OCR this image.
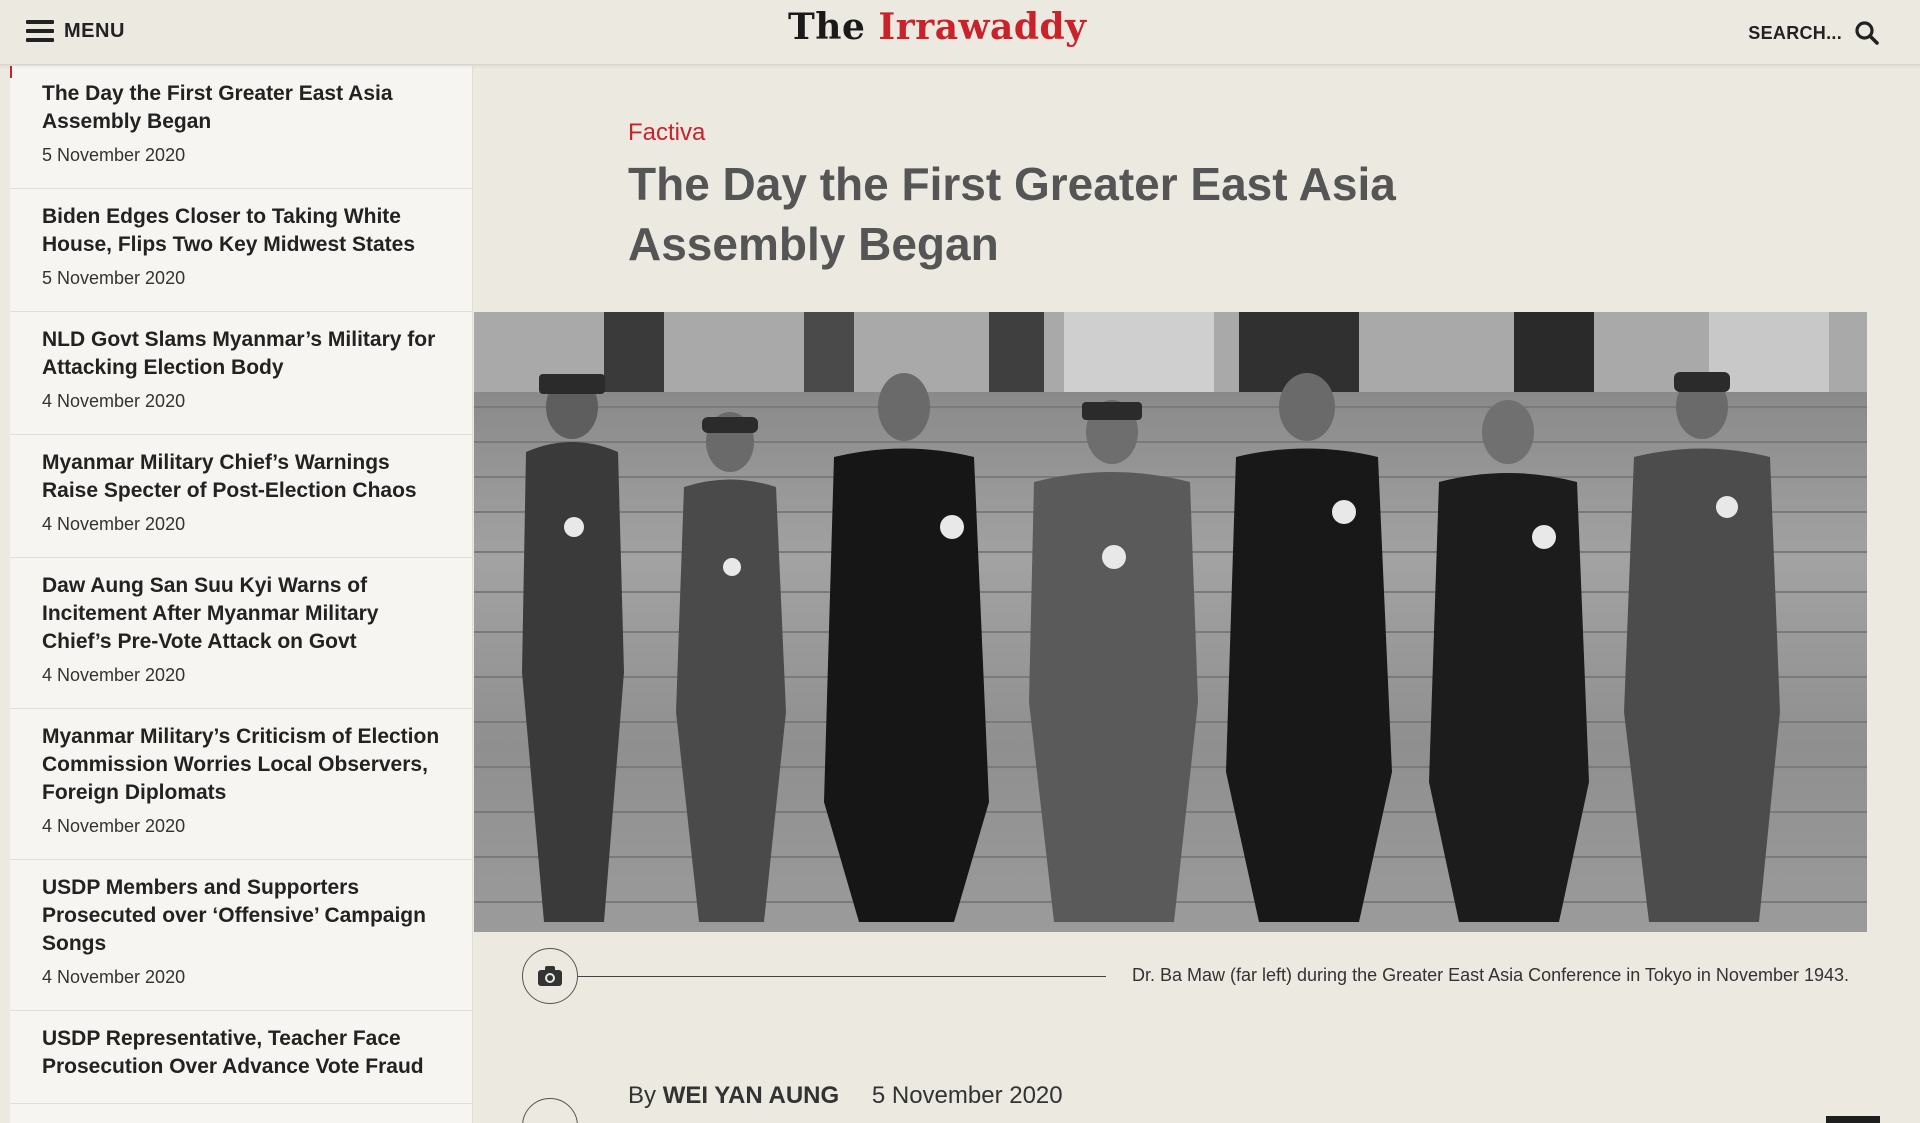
MENU	The Irrawaddy	SEARCH...
The Day the First Greater East Asia Assembly Began
5 November 2020
Biden Edges Closer to Taking White House, Flips Two Key Midwest States
5 November 2020
NLD Govt Slams Myanmar’s Military for Attacking Election Body
4 November 2020
Myanmar Military Chief’s Warnings Raise Specter of Post-Election Chaos
4 November 2020
Daw Aung San Suu Kyi Warns of Incitement After Myanmar Military Chief’s Pre-Vote Attack on Govt
4 November 2020
Myanmar Military’s Criticism of Election Commission Worries Local Observers, Foreign Diplomats
4 November 2020
USDP Members and Supporters Prosecuted over ‘Offensive’ Campaign Songs
4 November 2020
USDP Representative, Teacher Face Prosecution Over Advance Vote Fraud
Factiva
The Day the First Greater East Asia Assembly Began
Dr. Ba Maw (far left) during the Greater East Asia Conference in Tokyo in November 1943.
By WEI YAN AUNG 5 November 2020
